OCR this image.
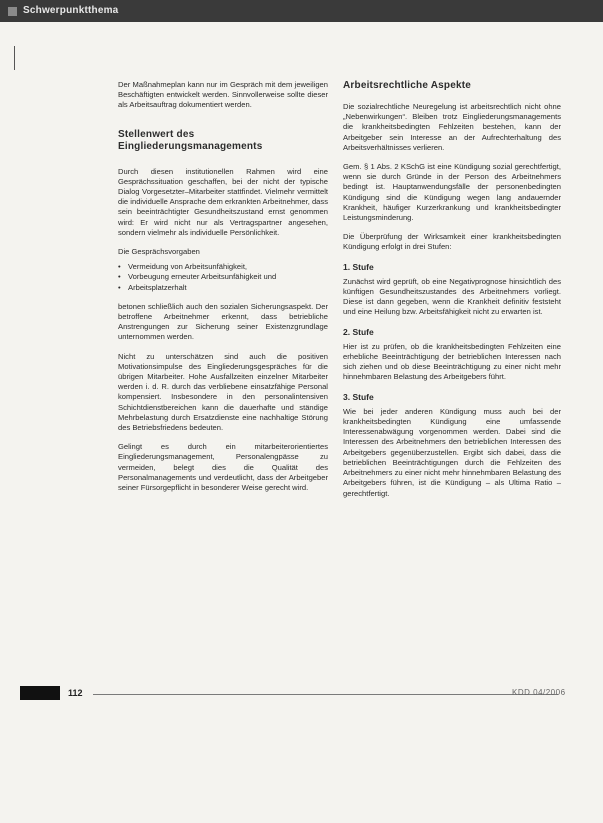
Schwerpunktthema

Der Maßnahmeplan kann nur im Gespräch mit dem jeweiligen Beschäftigten entwickelt werden. Sinnvollerweise sollte dieser als Arbeitsauftrag dokumentiert werden.

Stellenwert des Eingliederungsmanagements

Durch diesen institutionellen Rahmen wird eine Gesprächssituation geschaffen, bei der nicht der typische Dialog Vorgesetzter–Mitarbeiter stattfindet. Vielmehr vermittelt die individuelle Ansprache dem erkrankten Arbeitnehmer, dass sein beeinträchtigter Gesundheitszustand ernst genommen wird: Er wird nicht nur als Vertragspartner angesehen, sondern vielmehr als individuelle Persönlichkeit.

Die Gesprächsvorgaben

• Vermeidung von Arbeitsunfähigkeit,
• Vorbeugung erneuter Arbeitsunfähigkeit und
• Arbeitsplatzerhalt

betonen schließlich auch den sozialen Sicherungsaspekt. Der betroffene Arbeitnehmer erkennt, dass betriebliche Anstrengungen zur Sicherung seiner Existenzgrundlage unternommen werden.

Nicht zu unterschätzen sind auch die positiven Motivationsimpulse des Eingliederungsgespräches für die übrigen Mitarbeiter. Hohe Ausfallzeiten einzelner Mitarbeiter werden i. d. R. durch das verbliebene einsatzfähige Personal kompensiert. Insbesondere in den personalintensiven Schichtdienstbereichen kann die dauerhafte und ständige Mehrbelastung durch Ersatzdienste eine nachhaltige Störung des Betriebsfriedens bedeuten.

Gelingt es durch ein mitarbeiterorientiertes Eingliederungsmanagement, Personalengpässe zu vermeiden, belegt dies die Qualität des Personalmanagements und verdeutlicht, dass der Arbeitgeber seiner Fürsorgepflicht in besonderer Weise gerecht wird.

Arbeitsrechtliche Aspekte

Die sozialrechtliche Neuregelung ist arbeitsrechtlich nicht ohne „Nebenwirkungen“. Bleiben trotz Eingliederungsmanagements die krankheitsbedingten Fehlzeiten bestehen, kann der Arbeitgeber sein Interesse an der Aufrechterhaltung des Arbeitsverhältnisses verlieren.

Gem. § 1 Abs. 2 KSchG ist eine Kündigung sozial gerechtfertigt, wenn sie durch Gründe in der Person des Arbeitnehmers bedingt ist. Hauptanwendungsfälle der personenbedingten Kündigung sind die Kündigung wegen lang andauernder Krankheit, häufiger Kurzerkrankung und krankheitsbedingter Leistungsminderung.

Die Überprüfung der Wirksamkeit einer krankheitsbedingten Kündigung erfolgt in drei Stufen:

1. Stufe

Zunächst wird geprüft, ob eine Negativprognose hinsichtlich des künftigen Gesundheitszustandes des Arbeitnehmers vorliegt. Diese ist dann gegeben, wenn die Krankheit definitiv feststeht und eine Heilung bzw. Arbeitsfähigkeit nicht zu erwarten ist.

2. Stufe

Hier ist zu prüfen, ob die krankheitsbedingten Fehlzeiten eine erhebliche Beeinträchtigung der betrieblichen Interessen nach sich ziehen und ob diese Beeinträchtigung zu einer nicht mehr hinnehmbaren Belastung des Arbeitgebers führt.

3. Stufe

Wie bei jeder anderen Kündigung muss auch bei der krankheitsbedingten Kündigung eine umfassende Interessenabwägung vorgenommen werden. Dabei sind die Interessen des Arbeitnehmers den betrieblichen Interessen des Arbeitgebers gegenüberzustellen. Ergibt sich dabei, dass die betrieblichen Beeinträchtigungen durch die Fehlzeiten des Arbeitnehmers zu einer nicht mehr hinnehmbaren Belastung des Arbeitgebers führen, ist die Kündigung – als Ultima Ratio – gerechtfertigt.

112	KDD 04/2006
